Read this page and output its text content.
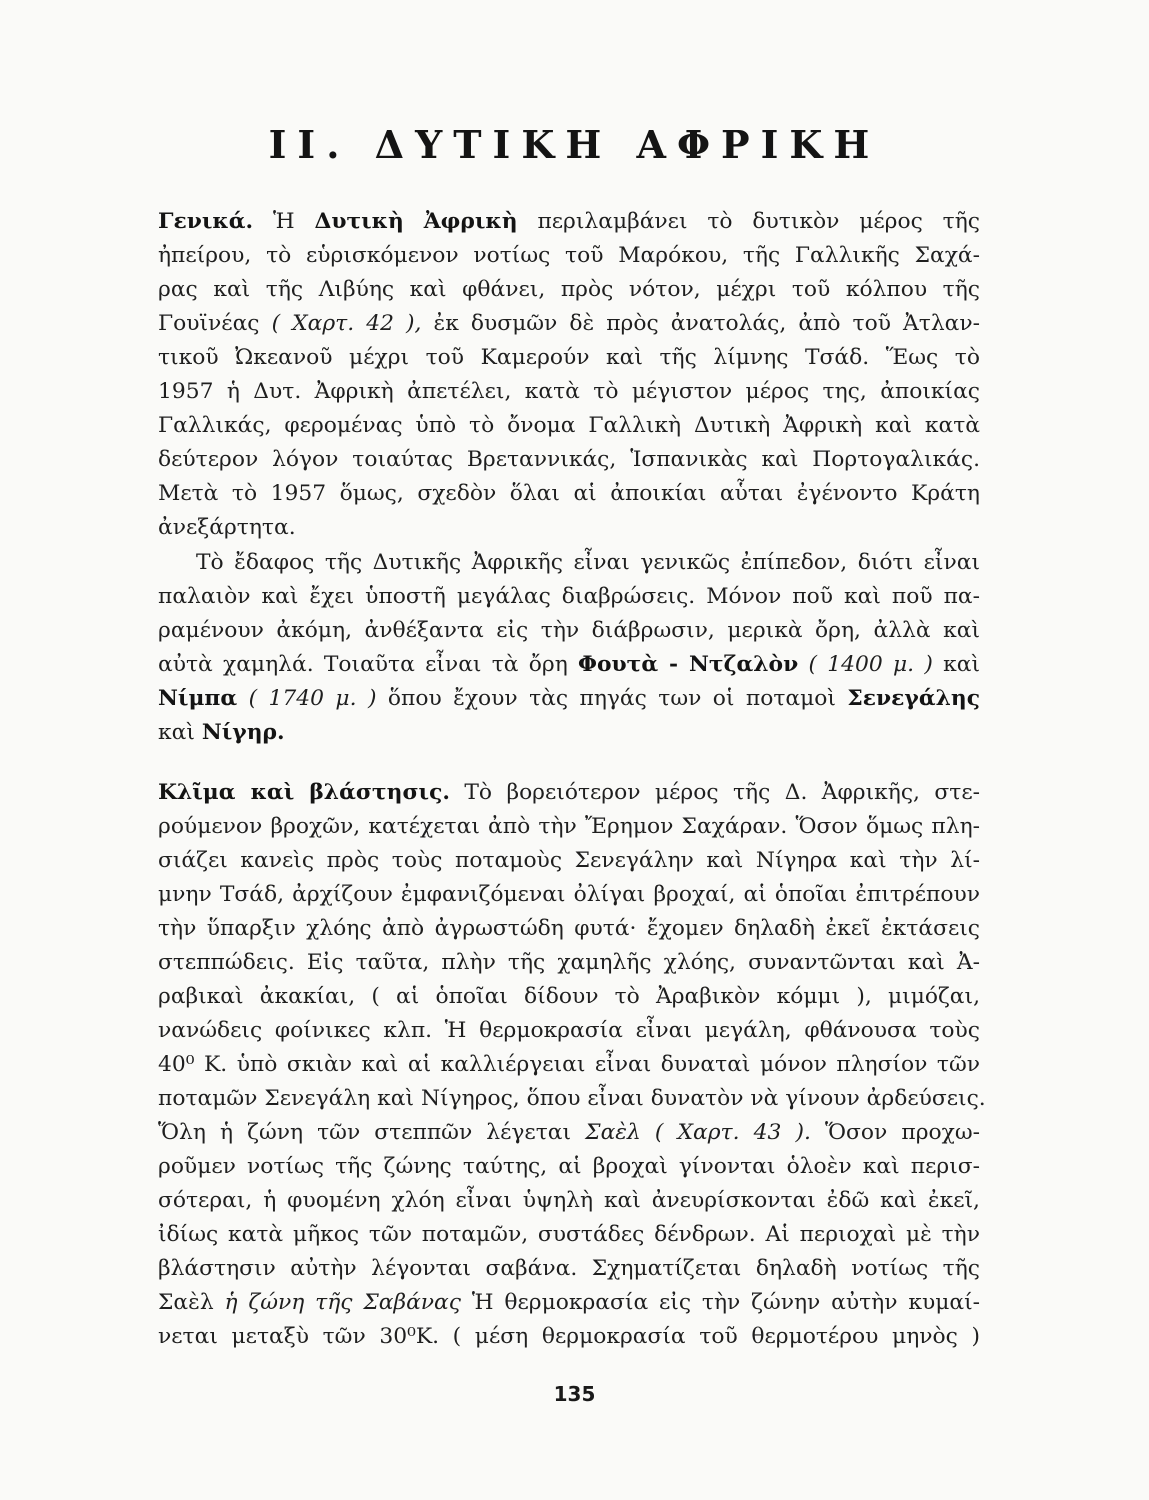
II. ΔΥΤΙΚΗ ΑΦΡΙΚΗ
Γενικά. Ἡ Δυτικὴ Ἀφρικὴ περιλαμβάνει τὸ δυτικὸν μέρος τῆς
ἠπείρου, τὸ εὑρισκόμενον νοτίως τοῦ Μαρόκου, τῆς Γαλλικῆς Σαχά-
ρας καὶ τῆς Λιβύης καὶ φθάνει, πρὸς νότον, μέχρι τοῦ κόλπου τῆς
Γουϊνέας ( Χαρτ. 42 ), ἐκ δυσμῶν δὲ πρὸς ἀνατολάς, ἀπὸ τοῦ Ἀτλαν-
τικοῦ Ὠκεανοῦ μέχρι τοῦ Καμερούν καὶ τῆς λίμνης Τσάδ. Ἕως τὸ
1957 ἡ Δυτ. Ἀφρικὴ ἀπετέλει, κατὰ τὸ μέγιστον μέρος της, ἀποικίας
Γαλλικάς, φερομένας ὑπὸ τὸ ὄνομα Γαλλικὴ Δυτικὴ Ἀφρικὴ καὶ κατὰ
δεύτερον λόγον τοιαύτας Βρεταννικάς, Ἱσπανικὰς καὶ Πορτογαλικάς.
Μετὰ τὸ 1957 ὅμως, σχεδὸν ὅλαι αἱ ἀποικίαι αὗται ἐγένοντο Κράτη
ἀνεξάρτητα.
Τὸ ἔδαφος τῆς Δυτικῆς Ἀφρικῆς εἶναι γενικῶς ἐπίπεδον, διότι εἶναι
παλαιὸν καὶ ἔχει ὑποστῆ μεγάλας διαβρώσεις. Μόνον ποῦ καὶ ποῦ πα-
ραμένουν ἀκόμη, ἀνθέξαντα εἰς τὴν διάβρωσιν, μερικὰ ὄρη, ἀλλὰ καὶ
αὐτὰ χαμηλά. Τοιαῦτα εἶναι τὰ ὄρη Φουτὰ - Ντζαλὸν ( 1400 μ. ) καὶ
Νίμπα ( 1740 μ. ) ὅπου ἔχουν τὰς πηγάς των οἱ ποταμοὶ Σενεγάλης
καὶ Νίγηρ.
Κλῖμα καὶ βλάστησις. Τὸ βορειότερον μέρος τῆς Δ. Ἀφρικῆς, στε-
ρούμενον βροχῶν, κατέχεται ἀπὸ τὴν Ἔρημον Σαχάραν. Ὅσον ὅμως πλη-
σιάζει κανεὶς πρὸς τοὺς ποταμοὺς Σενεγάλην καὶ Νίγηρα καὶ τὴν λί-
μνην Τσάδ, ἀρχίζουν ἐμφανιζόμεναι ὀλίγαι βροχαί, αἱ ὁποῖαι ἐπιτρέπουν
τὴν ὕπαρξιν χλόης ἀπὸ ἀγρωστώδη φυτά· ἔχομεν δηλαδὴ ἐκεῖ ἐκτάσεις
στεππώδεις. Εἰς ταῦτα, πλὴν τῆς χαμηλῆς χλόης, συναντῶνται καὶ Ἀ-
ραβικαὶ ἀκακίαι, ( αἱ ὁποῖαι δίδουν τὸ Ἀραβικὸν κόμμι ), μιμόζαι,
νανώδεις φοίνικες κλπ. Ἡ θερμοκρασία εἶναι μεγάλη, φθάνουσα τοὺς
40⁰ Κ. ὑπὸ σκιὰν καὶ αἱ καλλιέργειαι εἶναι δυναταὶ μόνον πλησίον τῶν
ποταμῶν Σενεγάλη καὶ Νίγηρος, ὅπου εἶναι δυνατὸν νὰ γίνουν ἀρδεύσεις.
Ὅλη ἡ ζώνη τῶν στεππῶν λέγεται Σαὲλ ( Χαρτ. 43 ). Ὅσον προχω-
ροῦμεν νοτίως τῆς ζώνης ταύτης, αἱ βροχαὶ γίνονται ὁλοὲν καὶ περισ-
σότεραι, ἡ φυομένη χλόη εἶναι ὑψηλὴ καὶ ἀνευρίσκονται ἐδῶ καὶ ἐκεῖ,
ἰδίως κατὰ μῆκος τῶν ποταμῶν, συστάδες δένδρων. Αἱ περιοχαὶ μὲ τὴν
βλάστησιν αὐτὴν λέγονται σαβάνα. Σχηματίζεται δηλαδὴ νοτίως τῆς
Σαὲλ ἡ ζώνη τῆς Σαβάνας Ἡ θερμοκρασία εἰς τὴν ζώνην αὐτὴν κυμαί-
νεται μεταξὺ τῶν 30⁰Κ. ( μέση θερμοκρασία τοῦ θερμοτέρου μηνὸς )
135
